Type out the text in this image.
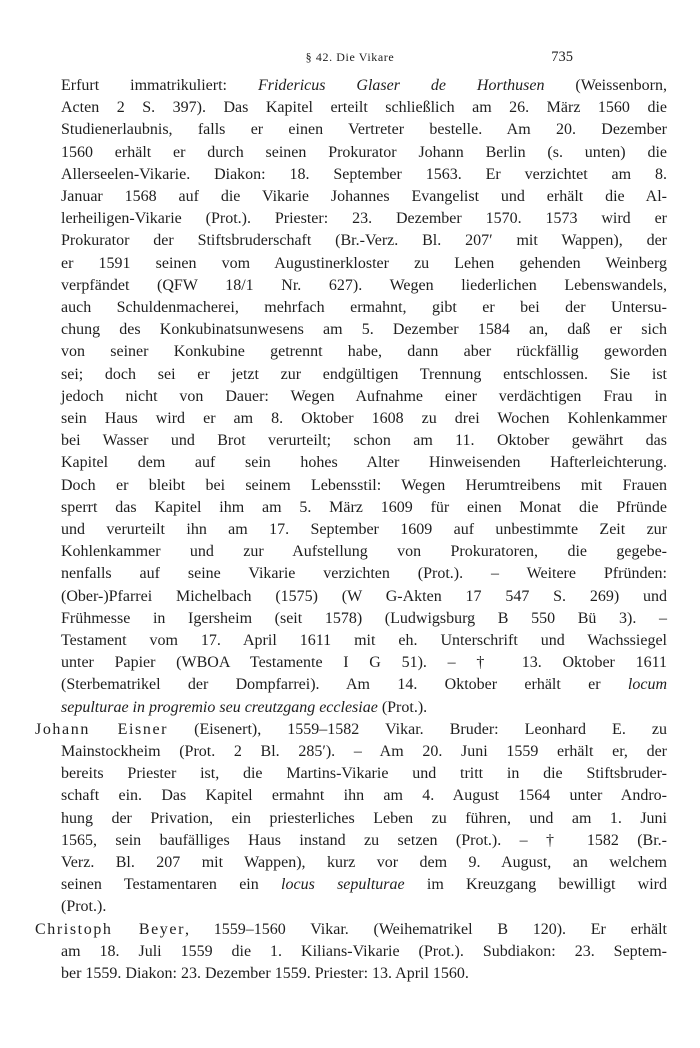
§ 42. Die Vikare	735
Erfurt immatrikuliert: Fridericus Glaser de Horthusen (Weissenborn,
Acten 2 S. 397). Das Kapitel erteilt schließlich am 26. März 1560 die
Studienerlaubnis, falls er einen Vertreter bestelle. Am 20. Dezember
1560 erhält er durch seinen Prokurator Johann Berlin (s. unten) die
Allerseelen-Vikarie. Diakon: 18. September 1563. Er verzichtet am 8.
Januar 1568 auf die Vikarie Johannes Evangelist und erhält die Al-
lerheiligen-Vikarie (Prot.). Priester: 23. Dezember 1570. 1573 wird er
Prokurator der Stiftsbruderschaft (Br.-Verz. Bl. 207′ mit Wappen), der
er 1591 seinen vom Augustinerkloster zu Lehen gehenden Weinberg
verpfändet (QFW 18/1 Nr. 627). Wegen liederlichen Lebenswandels,
auch Schuldenmacherei, mehrfach ermahnt, gibt er bei der Untersu-
chung des Konkubinatsunwesens am 5. Dezember 1584 an, daß er sich
von seiner Konkubine getrennt habe, dann aber rückfällig geworden
sei; doch sei er jetzt zur endgültigen Trennung entschlossen. Sie ist
jedoch nicht von Dauer: Wegen Aufnahme einer verdächtigen Frau in
sein Haus wird er am 8. Oktober 1608 zu drei Wochen Kohlenkammer
bei Wasser und Brot verurteilt; schon am 11. Oktober gewährt das
Kapitel dem auf sein hohes Alter Hinweisenden Hafterleichterung.
Doch er bleibt bei seinem Lebensstil: Wegen Herumtreibens mit Frauen
sperrt das Kapitel ihm am 5. März 1609 für einen Monat die Pfründe
und verurteilt ihn am 17. September 1609 auf unbestimmte Zeit zur
Kohlenkammer und zur Aufstellung von Prokuratoren, die gegebe-
nenfalls auf seine Vikarie verzichten (Prot.). – Weitere Pfründen:
(Ober-)Pfarrei Michelbach (1575) (W G-Akten 17 547 S. 269) und
Frühmesse in Igersheim (seit 1578) (Ludwigsburg B 550 Bü 3). –
Testament vom 17. April 1611 mit eh. Unterschrift und Wachssiegel
unter Papier (WBOA Testamente I G 51). – † 13. Oktober 1611
(Sterbematrikel der Dompfarrei). Am 14. Oktober erhält er locum
sepulturae in progremio seu creutzgang ecclesiae (Prot.).
Johann Eisner (Eisenert), 1559–1582 Vikar. Bruder: Leonhard E. zu
Mainstockheim (Prot. 2 Bl. 285′). – Am 20. Juni 1559 erhält er, der
bereits Priester ist, die Martins-Vikarie und tritt in die Stiftsbruder-
schaft ein. Das Kapitel ermahnt ihn am 4. August 1564 unter Andro-
hung der Privation, ein priesterliches Leben zu führen, und am 1. Juni
1565, sein baufälliges Haus instand zu setzen (Prot.). – † 1582 (Br.-
Verz. Bl. 207 mit Wappen), kurz vor dem 9. August, an welchem
seinen Testamentaren ein locus sepulturae im Kreuzgang bewilligt wird
(Prot.).
Christoph Beyer, 1559–1560 Vikar. (Weihematrikel B 120). Er erhält
am 18. Juli 1559 die 1. Kilians-Vikarie (Prot.). Subdiakon: 23. Septem-
ber 1559. Diakon: 23. Dezember 1559. Priester: 13. April 1560.
